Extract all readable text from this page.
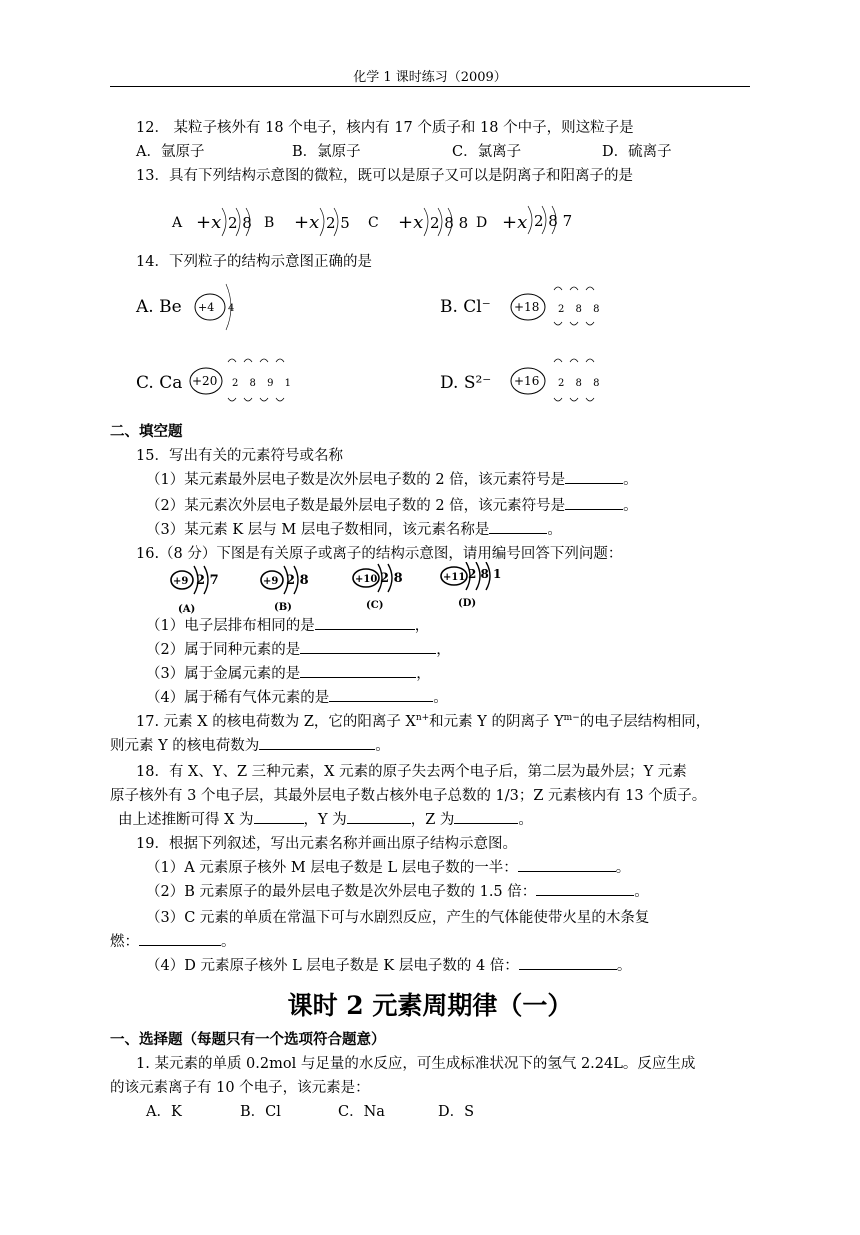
化学 1 课时练习（2009）
12． 某粒子核外有 18 个电子，核内有 17 个质子和 18 个中子，则这粒子是
A．氩原子	B．氯原子	C．氯离子	D．硫离子
13．具有下列结构示意图的微粒，既可以是原子又可以是阴离子和阳离子的是
A +x 2 8 B +x 2 5 C +x 2 8 8 D +x 2 8 7
14．下列粒子的结构示意图正确的是
A. Be +4 4	B. Cl⁻ +18 2 8 8
C. Ca +20 2 8 9 1	D. S²⁻ +16 2 8 8
二、填空题
15．写出有关的元素符号或名称
（1）某元素最外层电子数是次外层电子数的 2 倍，该元素符号是	。
（2）某元素次外层电子数是最外层电子数的 2 倍，该元素符号是	。
（3）某元素 K 层与 M 层电子数相同，该元素名称是	。
16.（8 分）下图是有关原子或离子的结构示意图，请用编号回答下列问题：
+9 2 7
(A)
+9 2 8
(B)
+10 2 8
(C)
+11 2 8 1
(D)
（1）电子层排布相同的是	，
（2）属于同种元素的是	，
（3）属于金属元素的是	，
（4）属于稀有气体元素的是	。
17. 元素 X 的核电荷数为 Z，它的阳离子 $X^{n+}$和元素 Y 的阴离子 $Y^{m-}$的电子层结构相同，
则元素 Y 的核电荷数为	。
18．有 X、Y、Z 三种元素，X 元素的原子失去两个电子后，第二层为最外层；Y 元素
原子核外有 3 个电子层，其最外层电子数占核外电子总数的 1/3；Z 元素核内有 13 个质子。
由上述推断可得 X 为	，Y 为	，Z 为	。
19．根据下列叙述，写出元素名称并画出原子结构示意图。
（1）A 元素原子核外 M 层电子数是 L 层电子数的一半：	。
（2）B 元素原子的最外层电子数是次外层电子数的 1.5 倍：	。
（3）C 元素的单质在常温下可与水剧烈反应，产生的气体能使带火星的木条复
燃：	。
（4）D 元素原子核外 L 层电子数是 K 层电子数的 4 倍：	。
课时 2 元素周期律（一）
一、选择题（每题只有一个选项符合题意）
1. 某元素的单质 0.2mol 与足量的水反应，可生成标准状况下的氢气 2.24L。反应生成
的该元素离子有 10 个电子，该元素是：
A．K	B．Cl	C．Na	D．S
